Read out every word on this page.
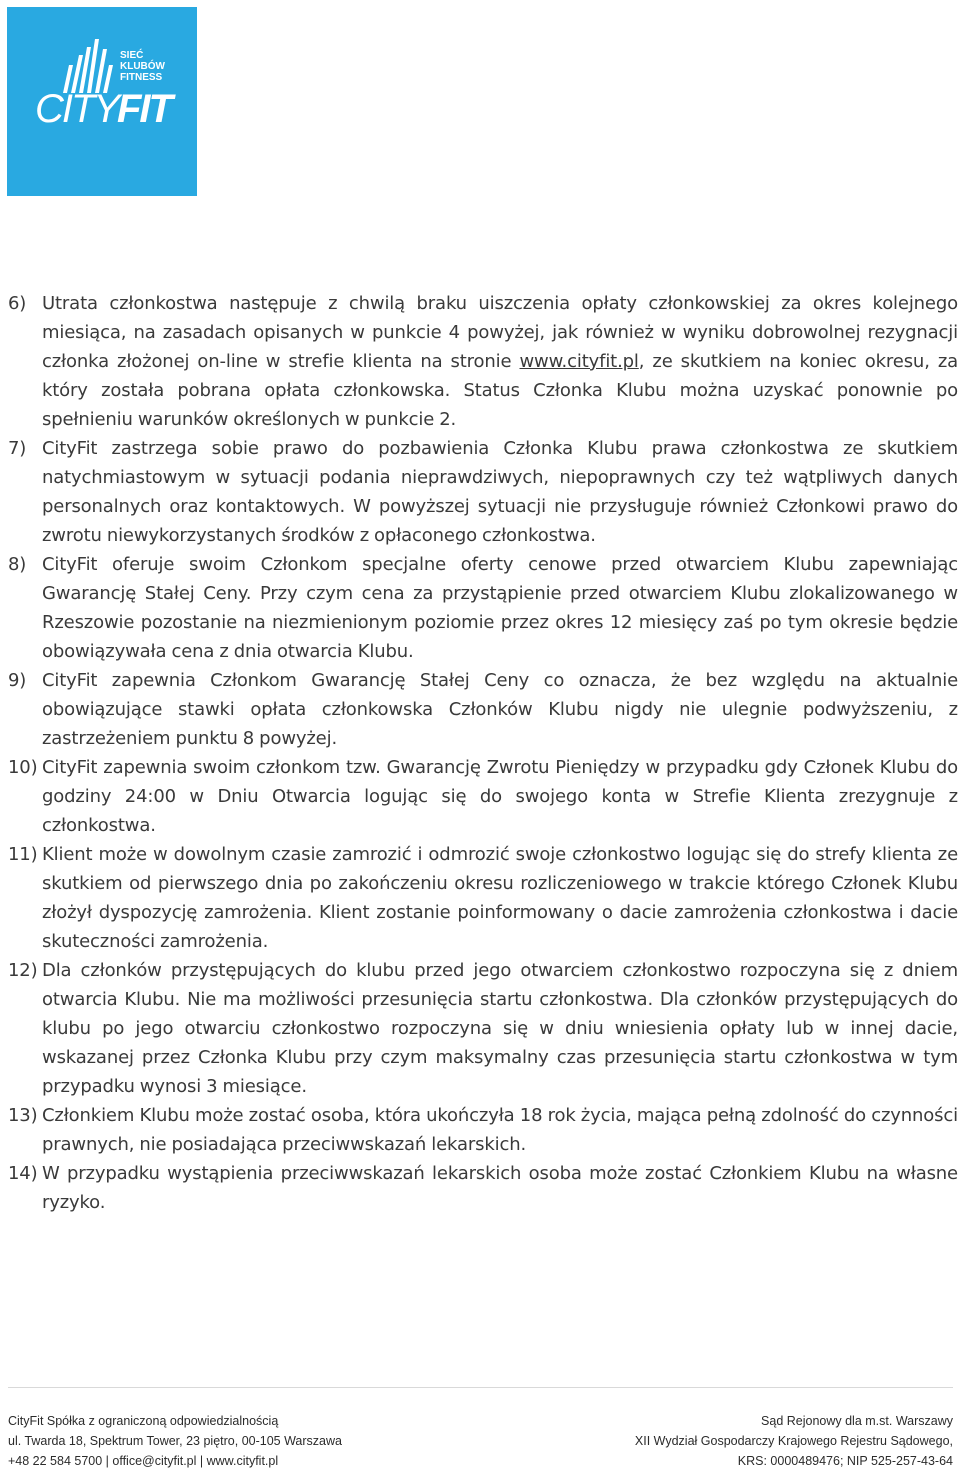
SIEĆ
KLUBÓW
FITNESS
CITY
FIT
6) Utrata członkostwa następuje z chwilą braku uiszczenia opłaty członkowskiej za okres kolejnego miesiąca, na zasadach opisanych w punkcie 4 powyżej, jak również w wyniku dobrowolnej rezygnacji członka złożonej on-line w strefie klienta na stronie www.cityfit.pl, ze skutkiem na koniec okresu, za który została pobrana opłata członkowska. Status Członka Klubu można uzyskać ponownie po spełnieniu warunków określonych w punkcie 2.
7) CityFit zastrzega sobie prawo do pozbawienia Członka Klubu prawa członkostwa ze skutkiem natychmiastowym w sytuacji podania nieprawdziwych, niepoprawnych czy też wątpliwych danych personalnych oraz kontaktowych. W powyższej sytuacji nie przysługuje również Członkowi prawo do zwrotu niewykorzystanych środków z opłaconego członkostwa.
8) CityFit oferuje swoim Członkom specjalne oferty cenowe przed otwarciem Klubu zapewniając Gwarancję Stałej Ceny. Przy czym cena za przystąpienie przed otwarciem Klubu zlokalizowanego w Rzeszowie pozostanie na niezmienionym poziomie przez okres 12 miesięcy zaś po tym okresie będzie obowiązywała cena z dnia otwarcia Klubu.
9) CityFit zapewnia Członkom Gwarancję Stałej Ceny co oznacza, że bez względu na aktualnie obowiązujące stawki opłata członkowska Członków Klubu nigdy nie ulegnie podwyższeniu, z zastrzeżeniem punktu 8 powyżej.
10) CityFit zapewnia swoim członkom tzw. Gwarancję Zwrotu Pieniędzy w przypadku gdy Członek Klubu do godziny 24:00 w Dniu Otwarcia logując się do swojego konta w Strefie Klienta zrezygnuje z członkostwa.
11) Klient może w dowolnym czasie zamrozić i odmrozić swoje członkostwo logując się do strefy klienta ze skutkiem od pierwszego dnia po zakończeniu okresu rozliczeniowego w trakcie którego Członek Klubu złożył dyspozycję zamrożenia. Klient zostanie poinformowany o dacie zamrożenia członkostwa i dacie skuteczności zamrożenia.
12) Dla członków przystępujących do klubu przed jego otwarciem członkostwo rozpoczyna się z dniem otwarcia Klubu. Nie ma możliwości przesunięcia startu członkostwa. Dla członków przystępujących do klubu po jego otwarciu członkostwo rozpoczyna się w dniu wniesienia opłaty lub w innej dacie, wskazanej przez Członka Klubu przy czym maksymalny czas przesunięcia startu członkostwa w tym przypadku wynosi 3 miesiące.
13) Członkiem Klubu może zostać osoba, która ukończyła 18 rok życia, mająca pełną zdolność do czynności prawnych, nie posiadająca przeciwwskazań lekarskich.
14) W przypadku wystąpienia przeciwwskazań lekarskich osoba może zostać Członkiem Klubu na własne ryzyko.
CityFit Spółka z ograniczoną odpowiedzialnością
ul. Twarda 18, Spektrum Tower, 23 piętro, 00-105 Warszawa
+48 22 584 5700 | office@cityfit.pl | www.cityfit.pl
Sąd Rejonowy dla m.st. Warszawy
XII Wydział Gospodarczy Krajowego Rejestru Sądowego,
KRS: 0000489476; NIP 525-257-43-64
